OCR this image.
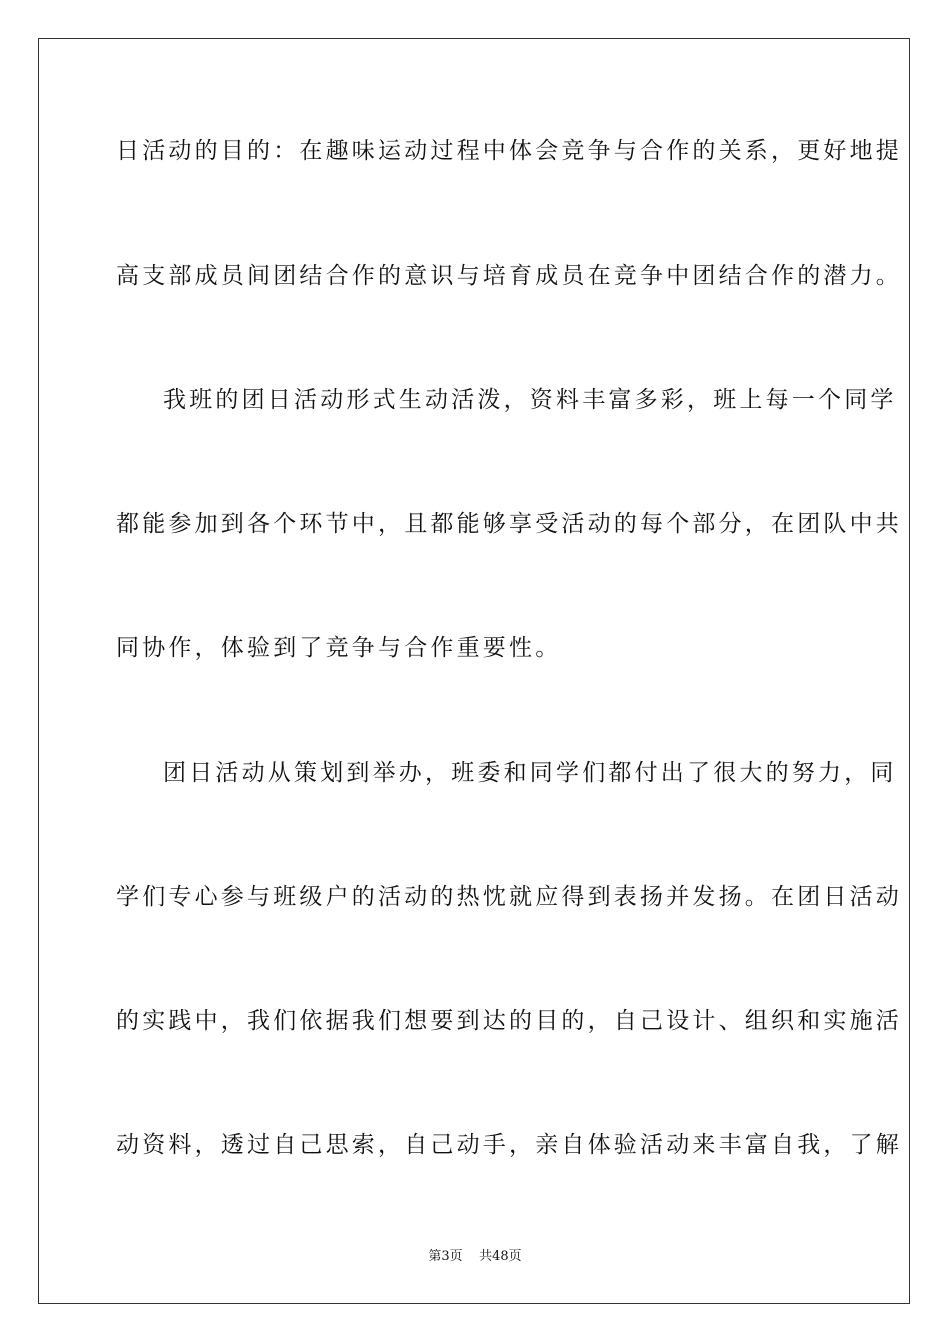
日活动的目的：在趣味运动过程中体会竞争与合作的关系，更好地提
高支部成员间团结合作的意识与培育成员在竞争中团结合作的潜力。
我班的团日活动形式生动活泼，资料丰富多彩，班上每一个同学
都能参加到各个环节中，且都能够享受活动的每个部分，在团队中共
同协作，体验到了竞争与合作重要性。
团日活动从策划到举办，班委和同学们都付出了很大的努力，同
学们专心参与班级户的活动的热忱就应得到表扬并发扬。在团日活动
的实践中，我们依据我们想要到达的目的，自己设计、组织和实施活
动资料，透过自己思索，自己动手，亲自体验活动来丰富自我，了解
第3页 共48页
